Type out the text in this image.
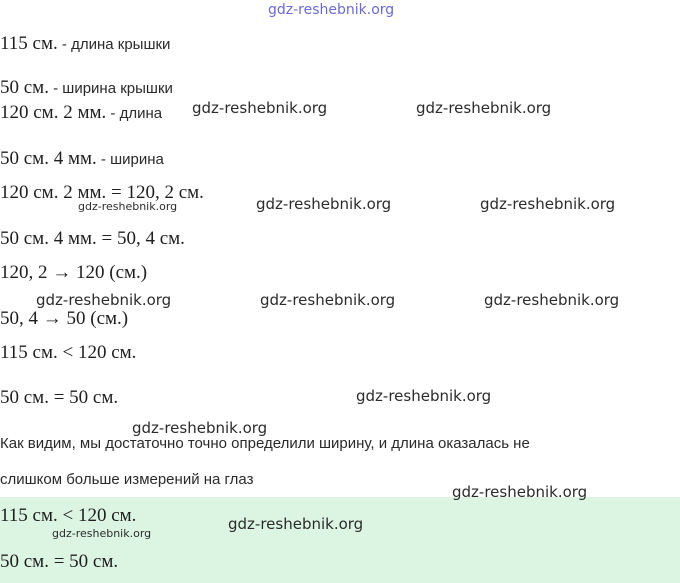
gdz-reshebnik.org
115 см. - длина крышки
50 см. - ширина крышки
120 см. 2 мм. - длина
50 см. 4 мм. - ширина
120 см. 2 мм. = 120, 2 см.
50 см. 4 мм. = 50, 4 см.
120, 2 → 120 (см.)
50, 4 → 50 (см.)
115 см. < 120 см.
50 см. = 50 см.
Как видим, мы достаточно точно определили ширину, и длина оказалась не
слишком больше измерений на глаз
115 см. < 120 см.
50 см. = 50 см.
gdz-reshebnik.org	gdz-reshebnik.org
gdz-reshebnik.org	gdz-reshebnik.org	gdz-reshebnik.org
gdz-reshebnik.org	gdz-reshebnik.org	gdz-reshebnik.org
gdz-reshebnik.org
gdz-reshebnik.org
gdz-reshebnik.org
gdz-reshebnik.org
gdz-reshebnik.org
